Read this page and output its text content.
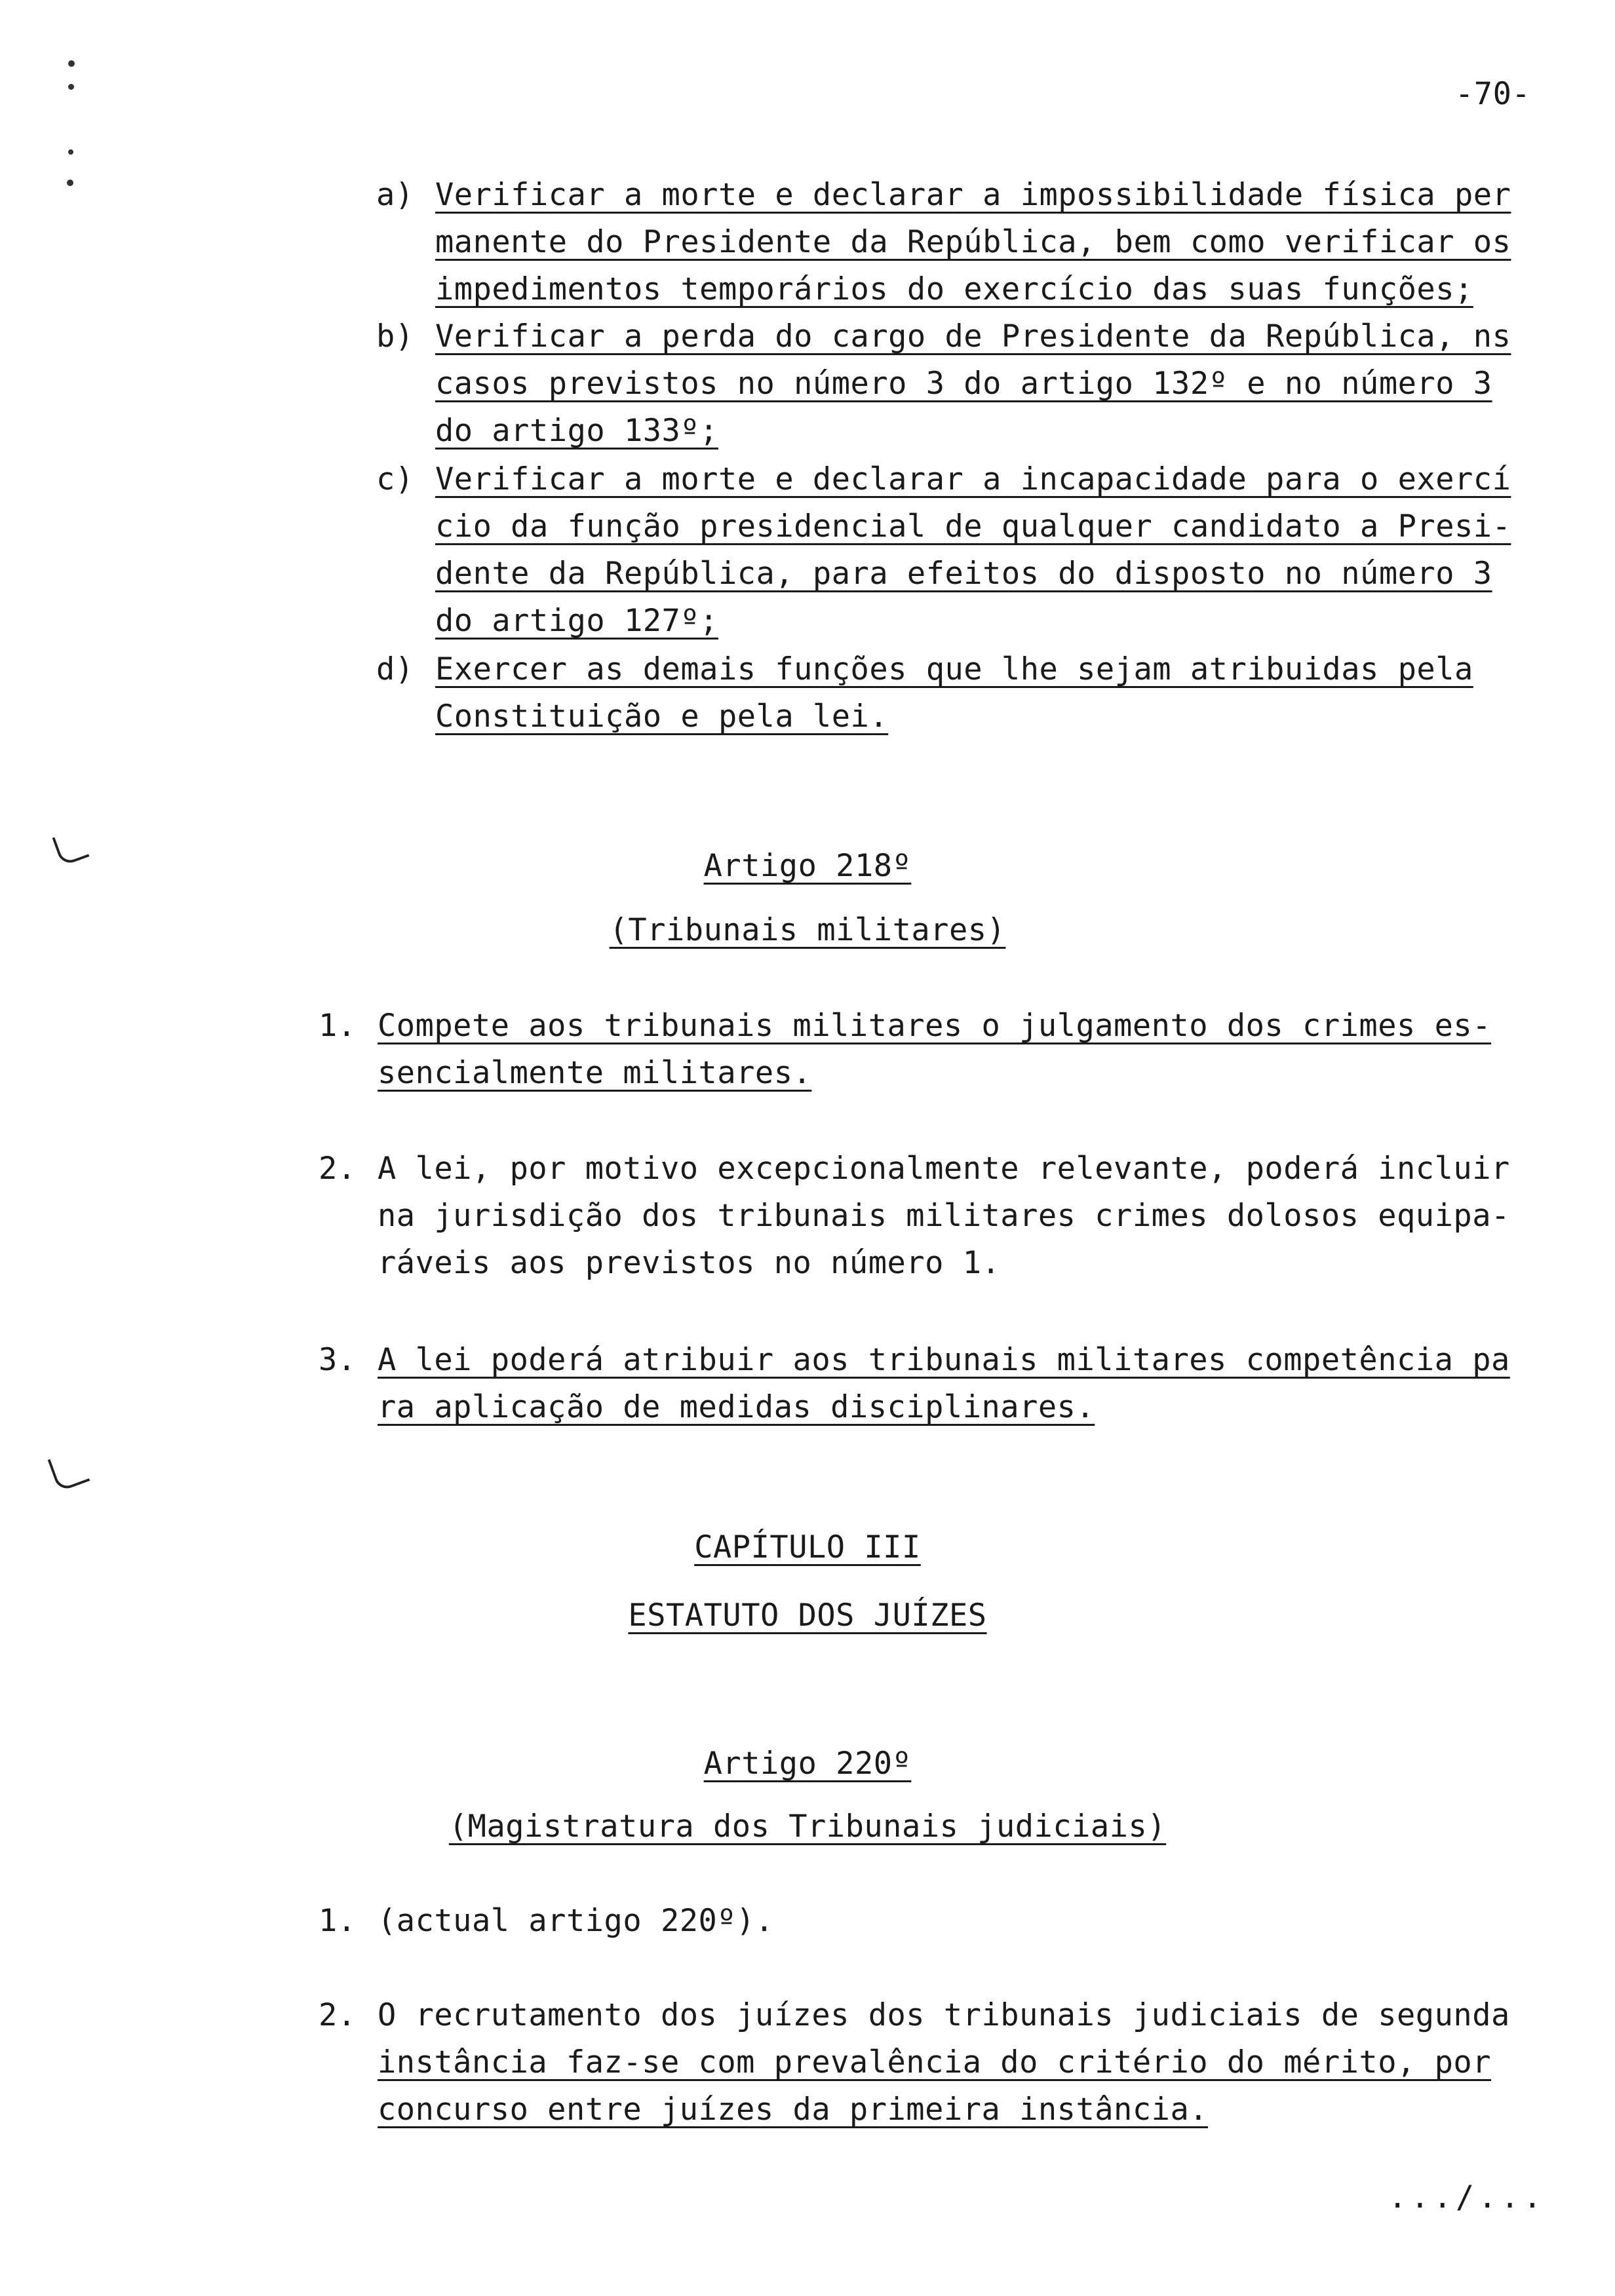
-70-
a) Verificar a morte e declarar a impossibilidade física per
manente do Presidente da República, bem como verificar os
impedimentos temporários do exercício das suas funções;
b) Verificar a perda do cargo de Presidente da República, ns
casos previstos no número 3 do artigo 132º e no número 3
do artigo 133º;
c) Verificar a morte e declarar a incapacidade para o exercí
cio da função presidencial de qualquer candidato a Presi-
dente da República, para efeitos do disposto no número 3
do artigo 127º;
d) Exercer as demais funções que lhe sejam atribuidas pela
Constituição e pela lei.
Artigo 218º
(Tribunais militares)
1. Compete aos tribunais militares o julgamento dos crimes es-
sencialmente militares.
2. A lei, por motivo excepcionalmente relevante, poderá incluir
na jurisdição dos tribunais militares crimes dolosos equipa-
ráveis aos previstos no número 1.
3. A lei poderá atribuir aos tribunais militares competência pa
ra aplicação de medidas disciplinares.
CAPÍTULO III
ESTATUTO DOS JUÍZES
Artigo 220º
(Magistratura dos Tribunais judiciais)
1. (actual artigo 220º).
2. O recrutamento dos juízes dos tribunais judiciais de segunda
instância faz-se com prevalência do critério do mérito, por
concurso entre juízes da primeira instância.
.../...
